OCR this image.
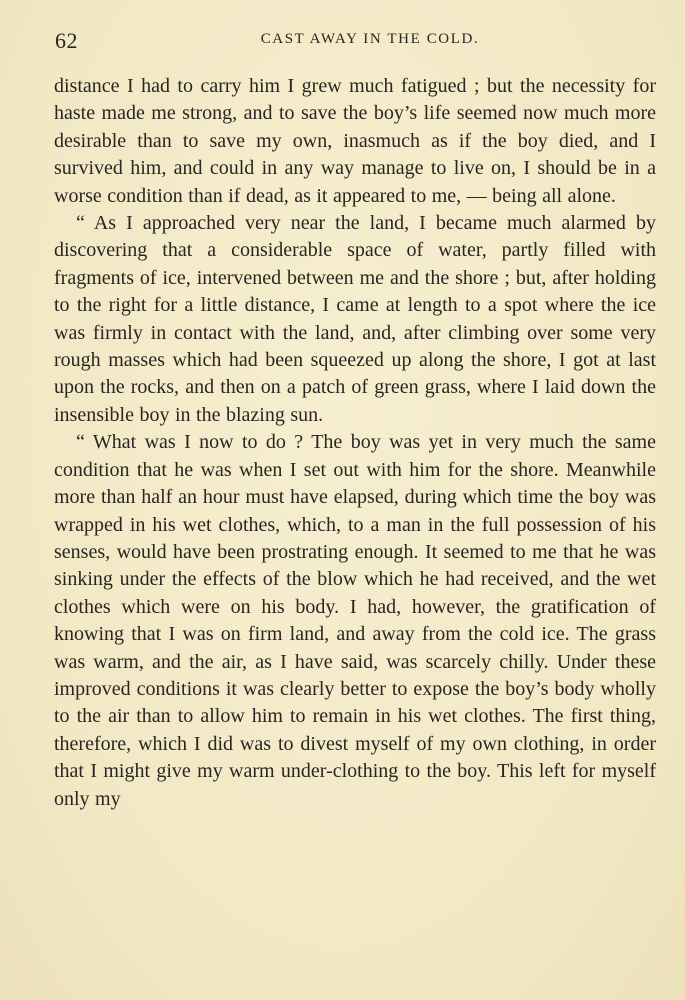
62	CAST AWAY IN THE COLD.

distance I had to carry him I grew much fatigued ; but the necessity for haste made me strong, and to save the boy’s life seemed now much more desirable than to save my own, inasmuch as if the boy died, and I survived him, and could in any way manage to live on, I should be in a worse condition than if dead, as it appeared to me, — being all alone.

“ As I approached very near the land, I became much alarmed by discovering that a considerable space of water, partly filled with fragments of ice, intervened between me and the shore ; but, after holding to the right for a little distance, I came at length to a spot where the ice was firmly in contact with the land, and, after climbing over some very rough masses which had been squeezed up along the shore, I got at last upon the rocks, and then on a patch of green grass, where I laid down the insensible boy in the blazing sun.

“ What was I now to do ? The boy was yet in very much the same condition that he was when I set out with him for the shore. Meanwhile more than half an hour must have elapsed, during which time the boy was wrapped in his wet clothes, which, to a man in the full possession of his senses, would have been prostrating enough. It seemed to me that he was sinking under the effects of the blow which he had received, and the wet clothes which were on his body. I had, however, the gratification of knowing that I was on firm land, and away from the cold ice. The grass was warm, and the air, as I have said, was scarcely chilly. Under these improved conditions it was clearly better to expose the boy’s body wholly to the air than to allow him to remain in his wet clothes. The first thing, therefore, which I did was to divest myself of my own clothing, in order that I might give my warm under-clothing to the boy. This left for myself only my
